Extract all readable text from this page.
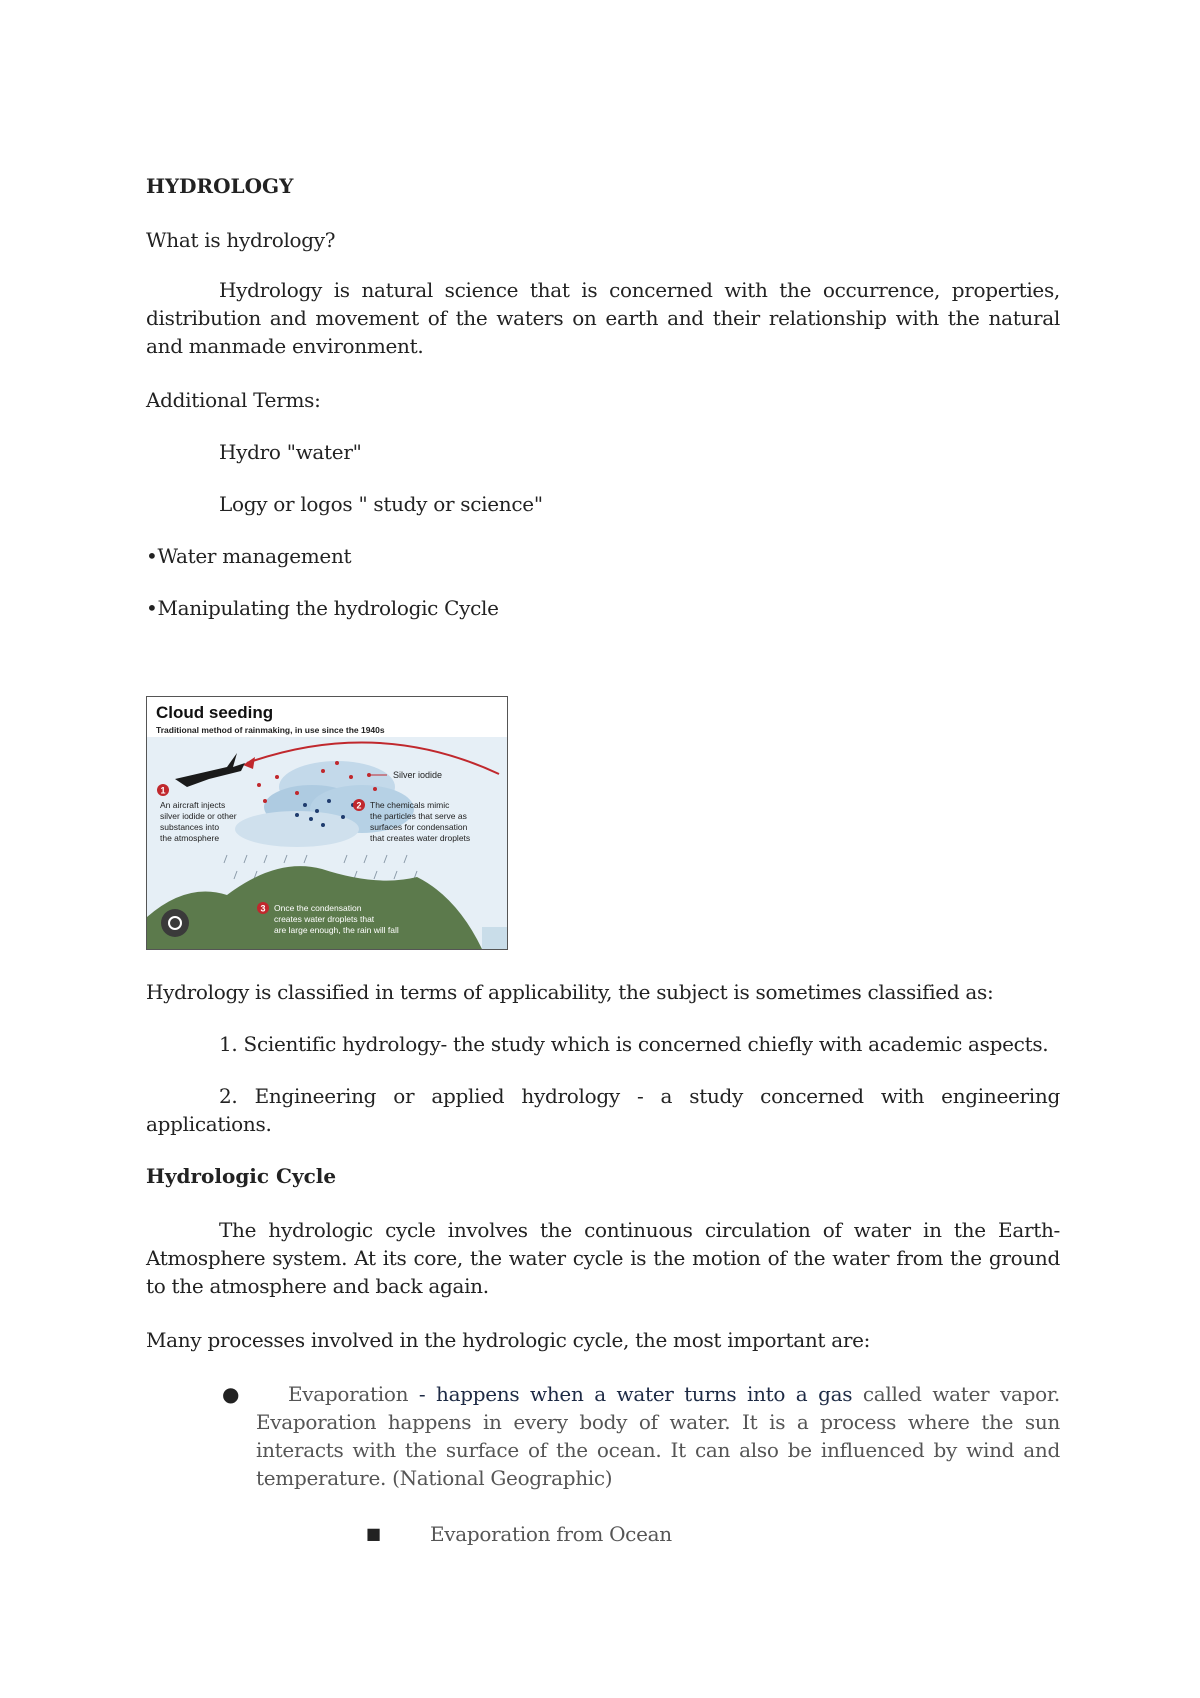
HYDROLOGY

What is hydrology?

Hydrology is natural science that is concerned with the occurrence, properties, distribution and movement of the waters on earth and their relationship with the natural and manmade environment.

Additional Terms:

Hydro "water"

Logy or logos " study or science"

•Water management

•Manipulating the hydrologic Cycle

Cloud seeding
Traditional method of rainmaking, in use since the 1940s
Silver iodide
1
An aircraft injects
silver iodide or other
substances into
the atmosphere
2 The chemicals mimic
the particles that serve as
surfaces for condensation
that creates water droplets
3 Once the condensation
creates water droplets that
are large enough, the rain will fall

Hydrology is classified in terms of applicability, the subject is sometimes classified as:

1. Scientific hydrology- the study which is concerned chiefly with academic aspects.

2. Engineering or applied hydrology - a study concerned with engineering applications.

Hydrologic Cycle

The hydrologic cycle involves the continuous circulation of water in the Earth-Atmosphere system. At its core, the water cycle is the motion of the water from the ground to the atmosphere and back again.

Many processes involved in the hydrologic cycle, the most important are:

●	Evaporation - happens when a water turns into a gas called water vapor. Evaporation happens in every body of water. It is a process where the sun interacts with the surface of the ocean. It can also be influenced by wind and temperature. (National Geographic)

■ Evaporation from Ocean
